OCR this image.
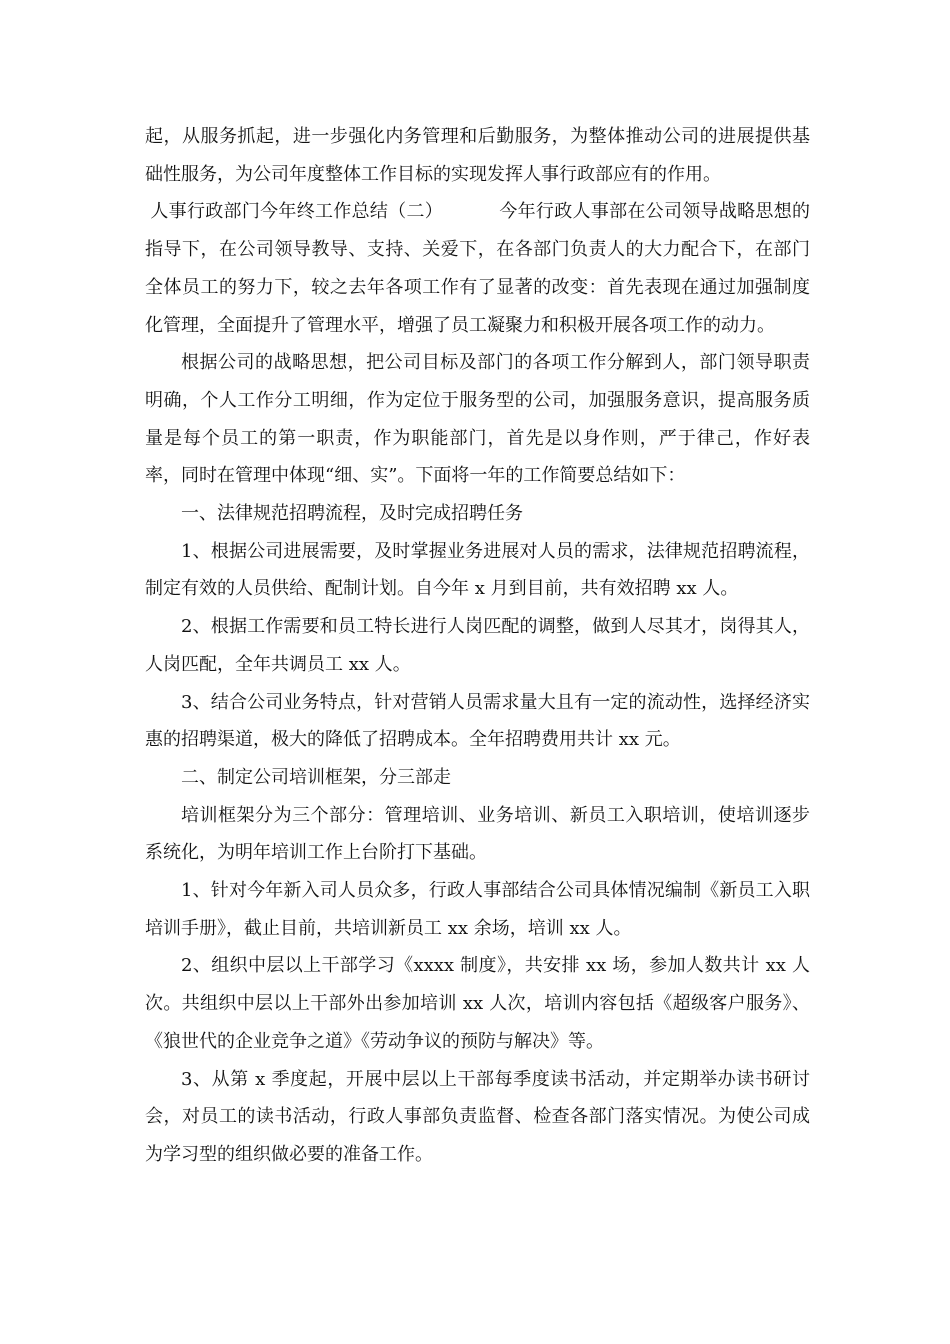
起，从服务抓起，进一步强化内务管理和后勤服务，为整体推动公司的进展提供基础性服务，为公司年度整体工作目标的实现发挥人事行政部应有的作用。

人事行政部门今年终工作总结（二）	今年行政人事部在公司领导战略思想的指导下，在公司领导教导、支持、关爱下，在各部门负责人的大力配合下，在部门全体员工的努力下，较之去年各项工作有了显著的改变：首先表现在通过加强制度化管理，全面提升了管理水平，增强了员工凝聚力和积极开展各项工作的动力。

根据公司的战略思想，把公司目标及部门的各项工作分解到人，部门领导职责明确，个人工作分工明细，作为定位于服务型的公司，加强服务意识，提高服务质量是每个员工的第一职责，作为职能部门，首先是以身作则，严于律己，作好表率，同时在管理中体现“细、实”。下面将一年的工作简要总结如下：

一、法律规范招聘流程，及时完成招聘任务

1、根据公司进展需要，及时掌握业务进展对人员的需求，法律规范招聘流程，制定有效的人员供给、配制计划。自今年 x 月到目前，共有效招聘 xx 人。

2、根据工作需要和员工特长进行人岗匹配的调整，做到人尽其才，岗得其人，人岗匹配，全年共调员工 xx 人。

3、结合公司业务特点，针对营销人员需求量大且有一定的流动性，选择经济实惠的招聘渠道，极大的降低了招聘成本。全年招聘费用共计 xx 元。

二、制定公司培训框架，分三部走

培训框架分为三个部分：管理培训、业务培训、新员工入职培训，使培训逐步系统化，为明年培训工作上台阶打下基础。

1、针对今年新入司人员众多，行政人事部结合公司具体情况编制《新员工入职培训手册》，截止目前，共培训新员工 xx 余场，培训 xx 人。

2、组织中层以上干部学习《xxxx 制度》，共安排 xx 场，参加人数共计 xx 人次。共组织中层以上干部外出参加培训 xx 人次，培训内容包括《超级客户服务》、《狼世代的企业竞争之道》《劳动争议的预防与解决》等。

3、从第 x 季度起，开展中层以上干部每季度读书活动，并定期举办读书研讨会，对员工的读书活动，行政人事部负责监督、检查各部门落实情况。为使公司成为学习型的组织做必要的准备工作。
